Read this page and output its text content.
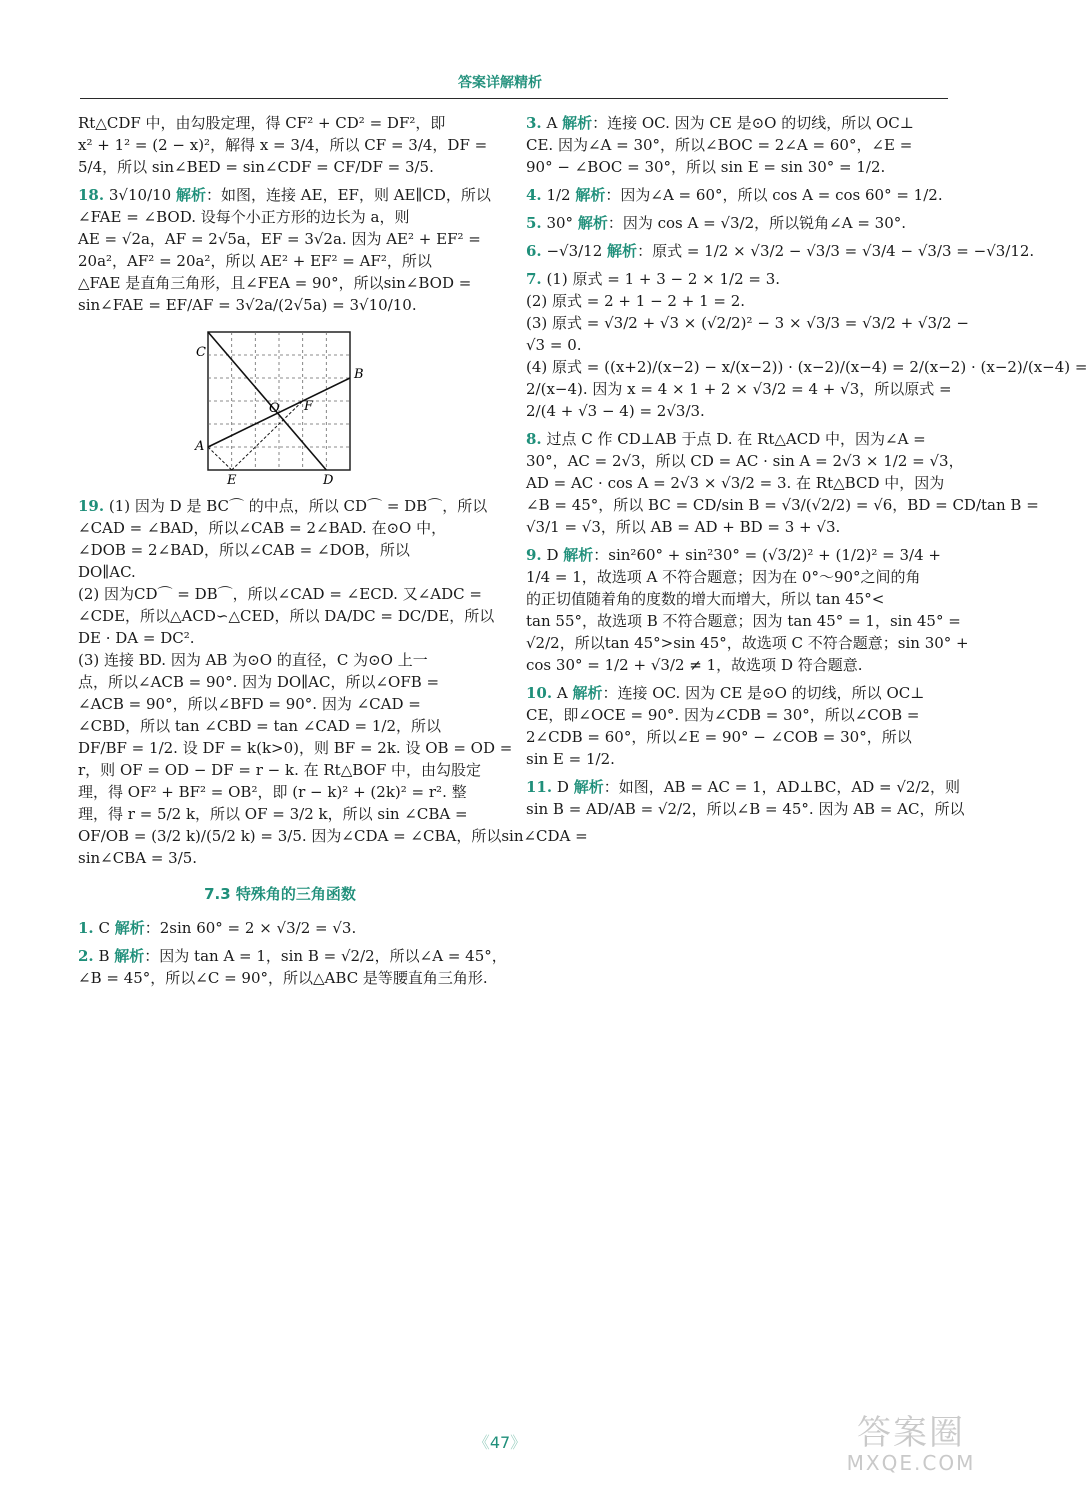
答案详解精析

Rt△CDF 中，由勾股定理，得 CF² + CD² = DF²，即

x² + 1² = (2 − x)²，解得 x = 3/4，所以 CF = 3/4，DF =

5/4，所以 sin∠BED = sin∠CDF = CF/DF = 3/5.

18. 3√10/10 解析：如图，连接 AE，EF，则 AE∥CD，所以

∠FAE = ∠BOD. 设每个小正方形的边长为 a，则

AE = √2a，AF = 2√5a，EF = 3√2a. 因为 AE² + EF² =

20a²，AF² = 20a²，所以 AE² + EF² = AF²，所以

△FAE 是直角三角形，且∠FEA = 90°，所以sin∠BOD =

sin∠FAE = EF/AF = 3√2a/(2√5a) = 3√10/10.

C
B
A
O F
E	D

19. (1) 因为 D 是 BC⌒ 的中点，所以 CD⌒ = DB⌒，所以

∠CAD = ∠BAD，所以∠CAB = 2∠BAD. 在⊙O 中，

∠DOB = 2∠BAD，所以∠CAB = ∠DOB，所以

DO∥AC.

(2) 因为CD⌒ = DB⌒，所以∠CAD = ∠ECD. 又∠ADC =

∠CDE，所以△ACD∽△CED，所以 DA/DC = DC/DE，所以

DE · DA = DC².

(3) 连接 BD. 因为 AB 为⊙O 的直径，C 为⊙O 上一

点，所以∠ACB = 90°. 因为 DO∥AC，所以∠OFB =

∠ACB = 90°，所以∠BFD = 90°. 因为 ∠CAD =

∠CBD，所以 tan ∠CBD = tan ∠CAD = 1/2，所以

DF/BF = 1/2. 设 DF = k(k>0)，则 BF = 2k. 设 OB = OD =

r，则 OF = OD − DF = r − k. 在 Rt△BOF 中，由勾股定

理，得 OF² + BF² = OB²，即 (r − k)² + (2k)² = r². 整

理，得 r = 5/2 k，所以 OF = 3/2 k，所以 sin ∠CBA =

OF/OB = (3/2 k)/(5/2 k) = 3/5. 因为∠CDA = ∠CBA，所以sin∠CDA =

sin∠CBA = 3/5.

7.3 特殊角的三角函数

1. C 解析：2sin 60° = 2 × √3/2 = √3.

2. B 解析：因为 tan A = 1，sin B = √2/2，所以∠A = 45°，

∠B = 45°，所以∠C = 90°，所以△ABC 是等腰直角三角形.

3. A 解析：连接 OC. 因为 CE 是⊙O 的切线，所以 OC⊥

CE. 因为∠A = 30°，所以∠BOC = 2∠A = 60°，∠E =

90° − ∠BOC = 30°，所以 sin E = sin 30° = 1/2.

4. 1/2 解析：因为∠A = 60°，所以 cos A = cos 60° = 1/2.

5. 30° 解析：因为 cos A = √3/2，所以锐角∠A = 30°.

6. −√3/12 解析：原式 = 1/2 × √3/2 − √3/3 = √3/4 − √3/3 = −√3/12.

7. (1) 原式 = 1 + 3 − 2 × 1/2 = 3.

(2) 原式 = 2 + 1 − 2 + 1 = 2.

(3) 原式 = √3/2 + √3 × (√2/2)² − 3 × √3/3 = √3/2 + √3/2 −

√3 = 0.

(4) 原式 = ((x+2)/(x−2) − x/(x−2)) · (x−2)/(x−4) = 2/(x−2) · (x−2)/(x−4) =

2/(x−4). 因为 x = 4 × 1 + 2 × √3/2 = 4 + √3，所以原式 =

2/(4 + √3 − 4) = 2√3/3.

8. 过点 C 作 CD⊥AB 于点 D. 在 Rt△ACD 中，因为∠A =

30°，AC = 2√3，所以 CD = AC · sin A = 2√3 × 1/2 = √3，

AD = AC · cos A = 2√3 × √3/2 = 3. 在 Rt△BCD 中，因为

∠B = 45°，所以 BC = CD/sin B = √3/(√2/2) = √6，BD = CD/tan B =

√3/1 = √3，所以 AB = AD + BD = 3 + √3.

9. D 解析：sin²60° + sin²30° = (√3/2)² + (1/2)² = 3/4 +

1/4 = 1，故选项 A 不符合题意；因为在 0°～90°之间的角

的正切值随着角的度数的增大而增大，所以 tan 45°<

tan 55°，故选项 B 不符合题意；因为 tan 45° = 1，sin 45° =

√2/2，所以tan 45°>sin 45°，故选项 C 不符合题意；sin 30° +

cos 30° = 1/2 + √3/2 ≠ 1，故选项 D 符合题意.

10. A 解析：连接 OC. 因为 CE 是⊙O 的切线，所以 OC⊥

CE，即∠OCE = 90°. 因为∠CDB = 30°，所以∠COB =

2∠CDB = 60°，所以∠E = 90° − ∠COB = 30°，所以

sin E = 1/2.

11. D 解析：如图，AB = AC = 1，AD⊥BC，AD = √2/2，则

sin B = AD/AB = √2/2，所以∠B = 45°. 因为 AB = AC，所以

《47》	答案圈
MXQE.COM
